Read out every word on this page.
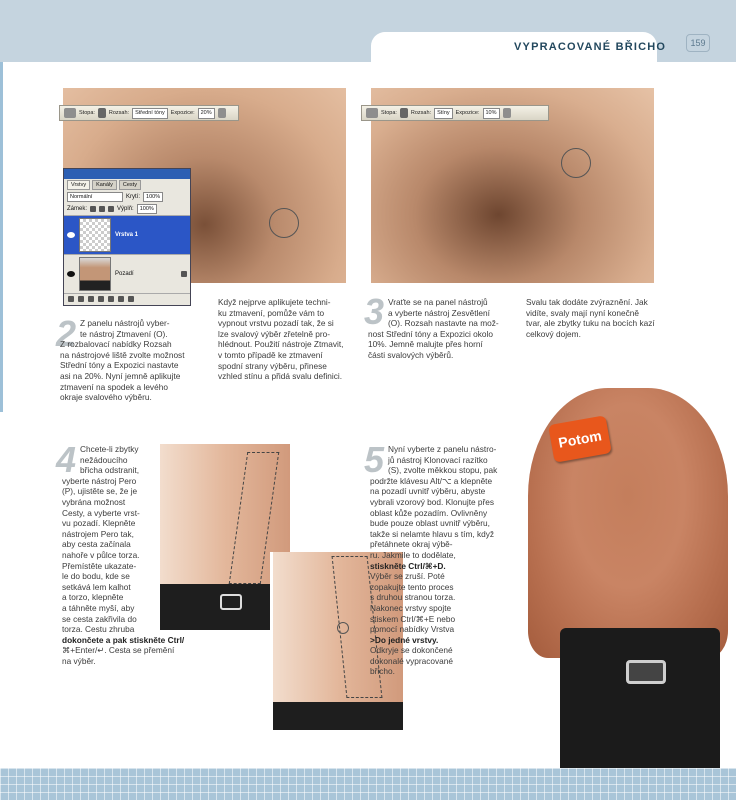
VYPRACOVANÉ BŘICHO	159
Stopa:	Rozsah:	Střední tóny	Expozice:	20%
Vrstvy	Kanály	Cesty
Normální	Krytí:	100%
Zámek:	Výplň:	100%
Vrstva 1
Pozadí
Stopa:	Rozsah:	Stíny	Expozice:	10%
2 Z panelu nástrojů vyber-
te nástroj Ztmavení (O).
Z rozbalovací nabídky Rozsah
na nástrojové liště zvolte možnost
Střední tóny a Expozici nastavte
asi na 20%. Nyní jemně aplikujte
ztmavení na spodek a levého
okraje svalového výběru.
Když nejprve aplikujete techni-
ku ztmavení, pomůže vám to
vypnout vrstvu pozadí tak, že si
lze svalový výběr zřetelně pro-
hlédnout. Použití nástroje Ztmavit,
v tomto případě ke ztmavení
spodní strany výběru, přinese
vzhled stínu a přidá svalu definici.
3 Vraťte se na panel nástrojů
a vyberte nástroj Zesvětlení
(O). Rozsah nastavte na mož-
nost Střední tóny a Expozici okolo
10%. Jemně malujte přes horní
části svalových výběrů.
Svalu tak dodáte zvýraznění. Jak
vidíte, svaly mají nyní konečně
tvar, ale zbytky tuku na bocích kazí
celkový dojem.
4 Chcete-li zbytky
nežádoucího
břicha odstranit,
vyberte nástroj Pero
(P), ujistěte se, že je
vybrána možnost
Cesty, a vyberte vrst-
vu pozadí. Klepněte
nástrojem Pero tak,
aby cesta začínala
nahoře v půlce torza.
Přemístěte ukazate-
le do bodu, kde se
setkává lem kalhot
a torzo, klepněte
a táhněte myší, aby
se cesta zakřivila do
torza. Cestu zhruba
dokončete a pak stiskněte Ctrl/
⌘+Enter/↵. Cesta se přemění
na výběr.
5 Nyní vyberte z panelu nástro-
jů nástroj Klonovací razítko
(S), zvolte měkkou stopu, pak
podržte klávesu Alt/⌥ a klepněte
na pozadí uvnitř výběru, abyste
vybrali vzorový bod. Klonujte přes
oblast kůže pozadím. Ovlivněny
bude pouze oblast uvnitř výběru,
takže si nelamte hlavu s tím, když
přetáhnete okraj výbě-
ru. Jakmile to dodělate,
stiskněte Ctrl/⌘+D.
Výběr se zruší. Poté
zopakujte tento proces
s druhou stranou torza.
Nakonec vrstvy spojte
stiskem Ctrl/⌘+E nebo
pomocí nabídky Vrstva
>Do jedné vrstvy.
Odkryje se dokončené
dokonalé vypracované
břicho.
Potom
